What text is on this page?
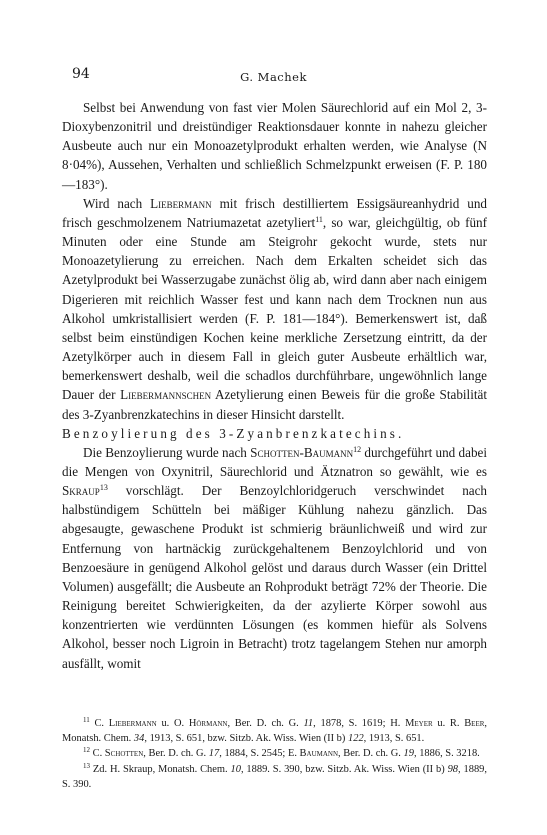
94	G. Machek

Selbst bei Anwendung von fast vier Molen Säurechlorid auf ein Mol 2, 3-Dioxybenzonitril und dreistündiger Reaktionsdauer konnte in nahezu gleicher Ausbeute auch nur ein Monoazetylprodukt erhalten werden, wie Analyse (N 8·04%), Aussehen, Verhalten und schließlich Schmelzpunkt erweisen (F. P. 180—183°).

Wird nach Liebermann mit frisch destilliertem Essigsäureanhydrid und frisch geschmolzenem Natriumazetat azetyliert$^{11}$, so war, gleichgültig, ob fünf Minuten oder eine Stunde am Steigrohr gekocht wurde, stets nur Monoazetylierung zu erreichen. Nach dem Erkalten scheidet sich das Azetylprodukt bei Wasserzugabe zunächst ölig ab, wird dann aber nach einigem Digerieren mit reichlich Wasser fest und kann nach dem Trocknen nun aus Alkohol umkristallisiert werden (F. P. 181—184°). Bemerkenswert ist, daß selbst beim einstündigen Kochen keine merkliche Zersetzung eintritt, da der Azetylkörper auch in diesem Fall in gleich guter Ausbeute erhältlich war, bemerkenswert deshalb, weil die schadlos durchführbare, ungewöhnlich lange Dauer der Liebermannschen Azetylierung einen Beweis für die große Stabilität des 3-Zyanbrenzkatechins in dieser Hinsicht darstellt.

Benzoylierung des 3-Zyanbrenzkatechins.

Die Benzoylierung wurde nach Schotten-Baumann$^{12}$ durchgeführt und dabei die Mengen von Oxynitril, Säurechlorid und Ätznatron so gewählt, wie es Skraup$^{13}$ vorschlägt. Der Benzoylchloridgeruch verschwindet nach halbstündigem Schütteln bei mäßiger Kühlung nahezu gänzlich. Das abgesaugte, gewaschene Produkt ist schmierig bräunlichweiß und wird zur Entfernung von hartnäckig zurückgehaltenem Benzoylchlorid und von Benzoesäure in genügend Alkohol gelöst und daraus durch Wasser (ein Drittel Volumen) ausgefällt; die Ausbeute an Rohprodukt beträgt 72% der Theorie. Die Reinigung bereitet Schwierigkeiten, da der azylierte Körper sowohl aus konzentrierten wie verdünnten Lösungen (es kommen hiefür als Solvens Alkohol, besser noch Ligroin in Betracht) trotz tagelangem Stehen nur amorph ausfällt, womit

$^{11}$ C. Liebermann u. O. Hörmann, Ber. D. ch. G. 11, 1878, S. 1619; H. Meyer u. R. Beer, Monatsh. Chem. 34, 1913, S. 651, bzw. Sitzb. Ak. Wiss. Wien (II b) 122, 1913, S. 651.

$^{12}$ C. Schotten, Ber. D. ch. G. 17, 1884, S. 2545; E. Baumann, Ber. D. ch. G. 19, 1886, S. 3218.

$^{13}$ Zd. H. Skraup, Monatsh. Chem. 10, 1889. S. 390, bzw. Sitzb. Ak. Wiss. Wien (II b) 98, 1889, S. 390.
